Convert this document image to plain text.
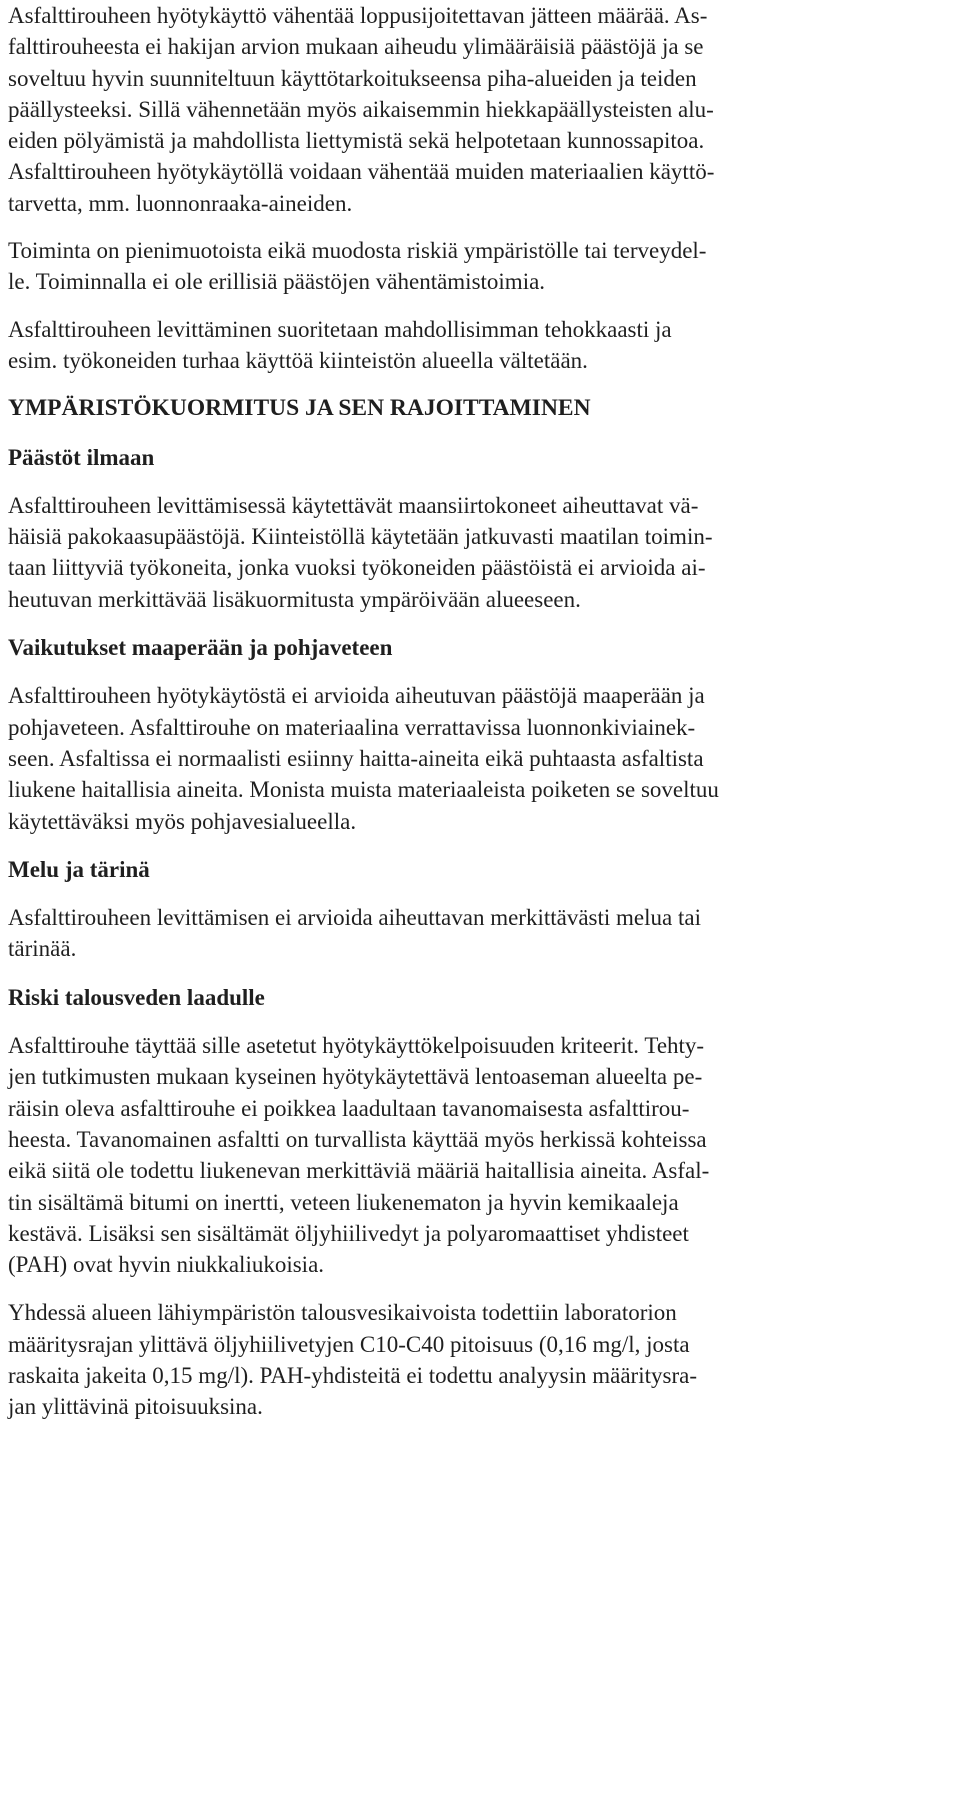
Asfalttirouheen hyötykäyttö vähentää loppusijoitettavan jätteen määrää. As-
falttirouheesta ei hakijan arvion mukaan aiheudu ylimääräisiä päästöjä ja se
soveltuu hyvin suunniteltuun käyttötarkoitukseensa piha-alueiden ja teiden
päällysteeksi. Sillä vähennetään myös aikaisemmin hiekkapäällysteisten alu-
eiden pölyämistä ja mahdollista liettymistä sekä helpotetaan kunnossapitoa.
Asfalttirouheen hyötykäytöllä voidaan vähentää muiden materiaalien käyttö-
tarvetta, mm. luonnonraaka-aineiden.
Toiminta on pienimuotoista eikä muodosta riskiä ympäristölle tai terveydel-
le. Toiminnalla ei ole erillisiä päästöjen vähentämistoimia.
Asfalttirouheen levittäminen suoritetaan mahdollisimman tehokkaasti ja
esim. työkoneiden turhaa käyttöä kiinteistön alueella vältetään.
YMPÄRISTÖKUORMITUS JA SEN RAJOITTAMINEN
Päästöt ilmaan
Asfalttirouheen levittämisessä käytettävät maansiirtokoneet aiheuttavat vä-
häisiä pakokaasupäästöjä. Kiinteistöllä käytetään jatkuvasti maatilan toimin-
taan liittyviä työkoneita, jonka vuoksi työkoneiden päästöistä ei arvioida ai-
heutuvan merkittävää lisäkuormitusta ympäröivään alueeseen.
Vaikutukset maaperään ja pohjaveteen
Asfalttirouheen hyötykäytöstä ei arvioida aiheutuvan päästöjä maaperään ja
pohjaveteen. Asfalttirouhe on materiaalina verrattavissa luonnonkiviainek-
seen. Asfaltissa ei normaalisti esiinny haitta-aineita eikä puhtaasta asfaltista
liukene haitallisia aineita. Monista muista materiaaleista poiketen se soveltuu
käytettäväksi myös pohjavesialueella.
Melu ja tärinä
Asfalttirouheen levittämisen ei arvioida aiheuttavan merkittävästi melua tai
tärinää.
Riski talousveden laadulle
Asfalttirouhe täyttää sille asetetut hyötykäyttökelpoisuuden kriteerit. Tehty-
jen tutkimusten mukaan kyseinen hyötykäytettävä lentoaseman alueelta pe-
räisin oleva asfalttirouhe ei poikkea laadultaan tavanomaisesta asfalttirou-
heesta. Tavanomainen asfaltti on turvallista käyttää myös herkissä kohteissa
eikä siitä ole todettu liukenevan merkittäviä määriä haitallisia aineita. Asfal-
tin sisältämä bitumi on inertti, veteen liukenematon ja hyvin kemikaaleja
kestävä. Lisäksi sen sisältämät öljyhiilivedyt ja polyaromaattiset yhdisteet
(PAH) ovat hyvin niukkaliukoisia.
Yhdessä alueen lähiympäristön talousvesikaivoista todettiin laboratorion
määritysrajan ylittävä öljyhiilivetyjen C10-C40 pitoisuus (0,16 mg/l, josta
raskaita jakeita 0,15 mg/l). PAH-yhdisteitä ei todettu analyysin määritysra-
jan ylittävinä pitoisuuksina.
